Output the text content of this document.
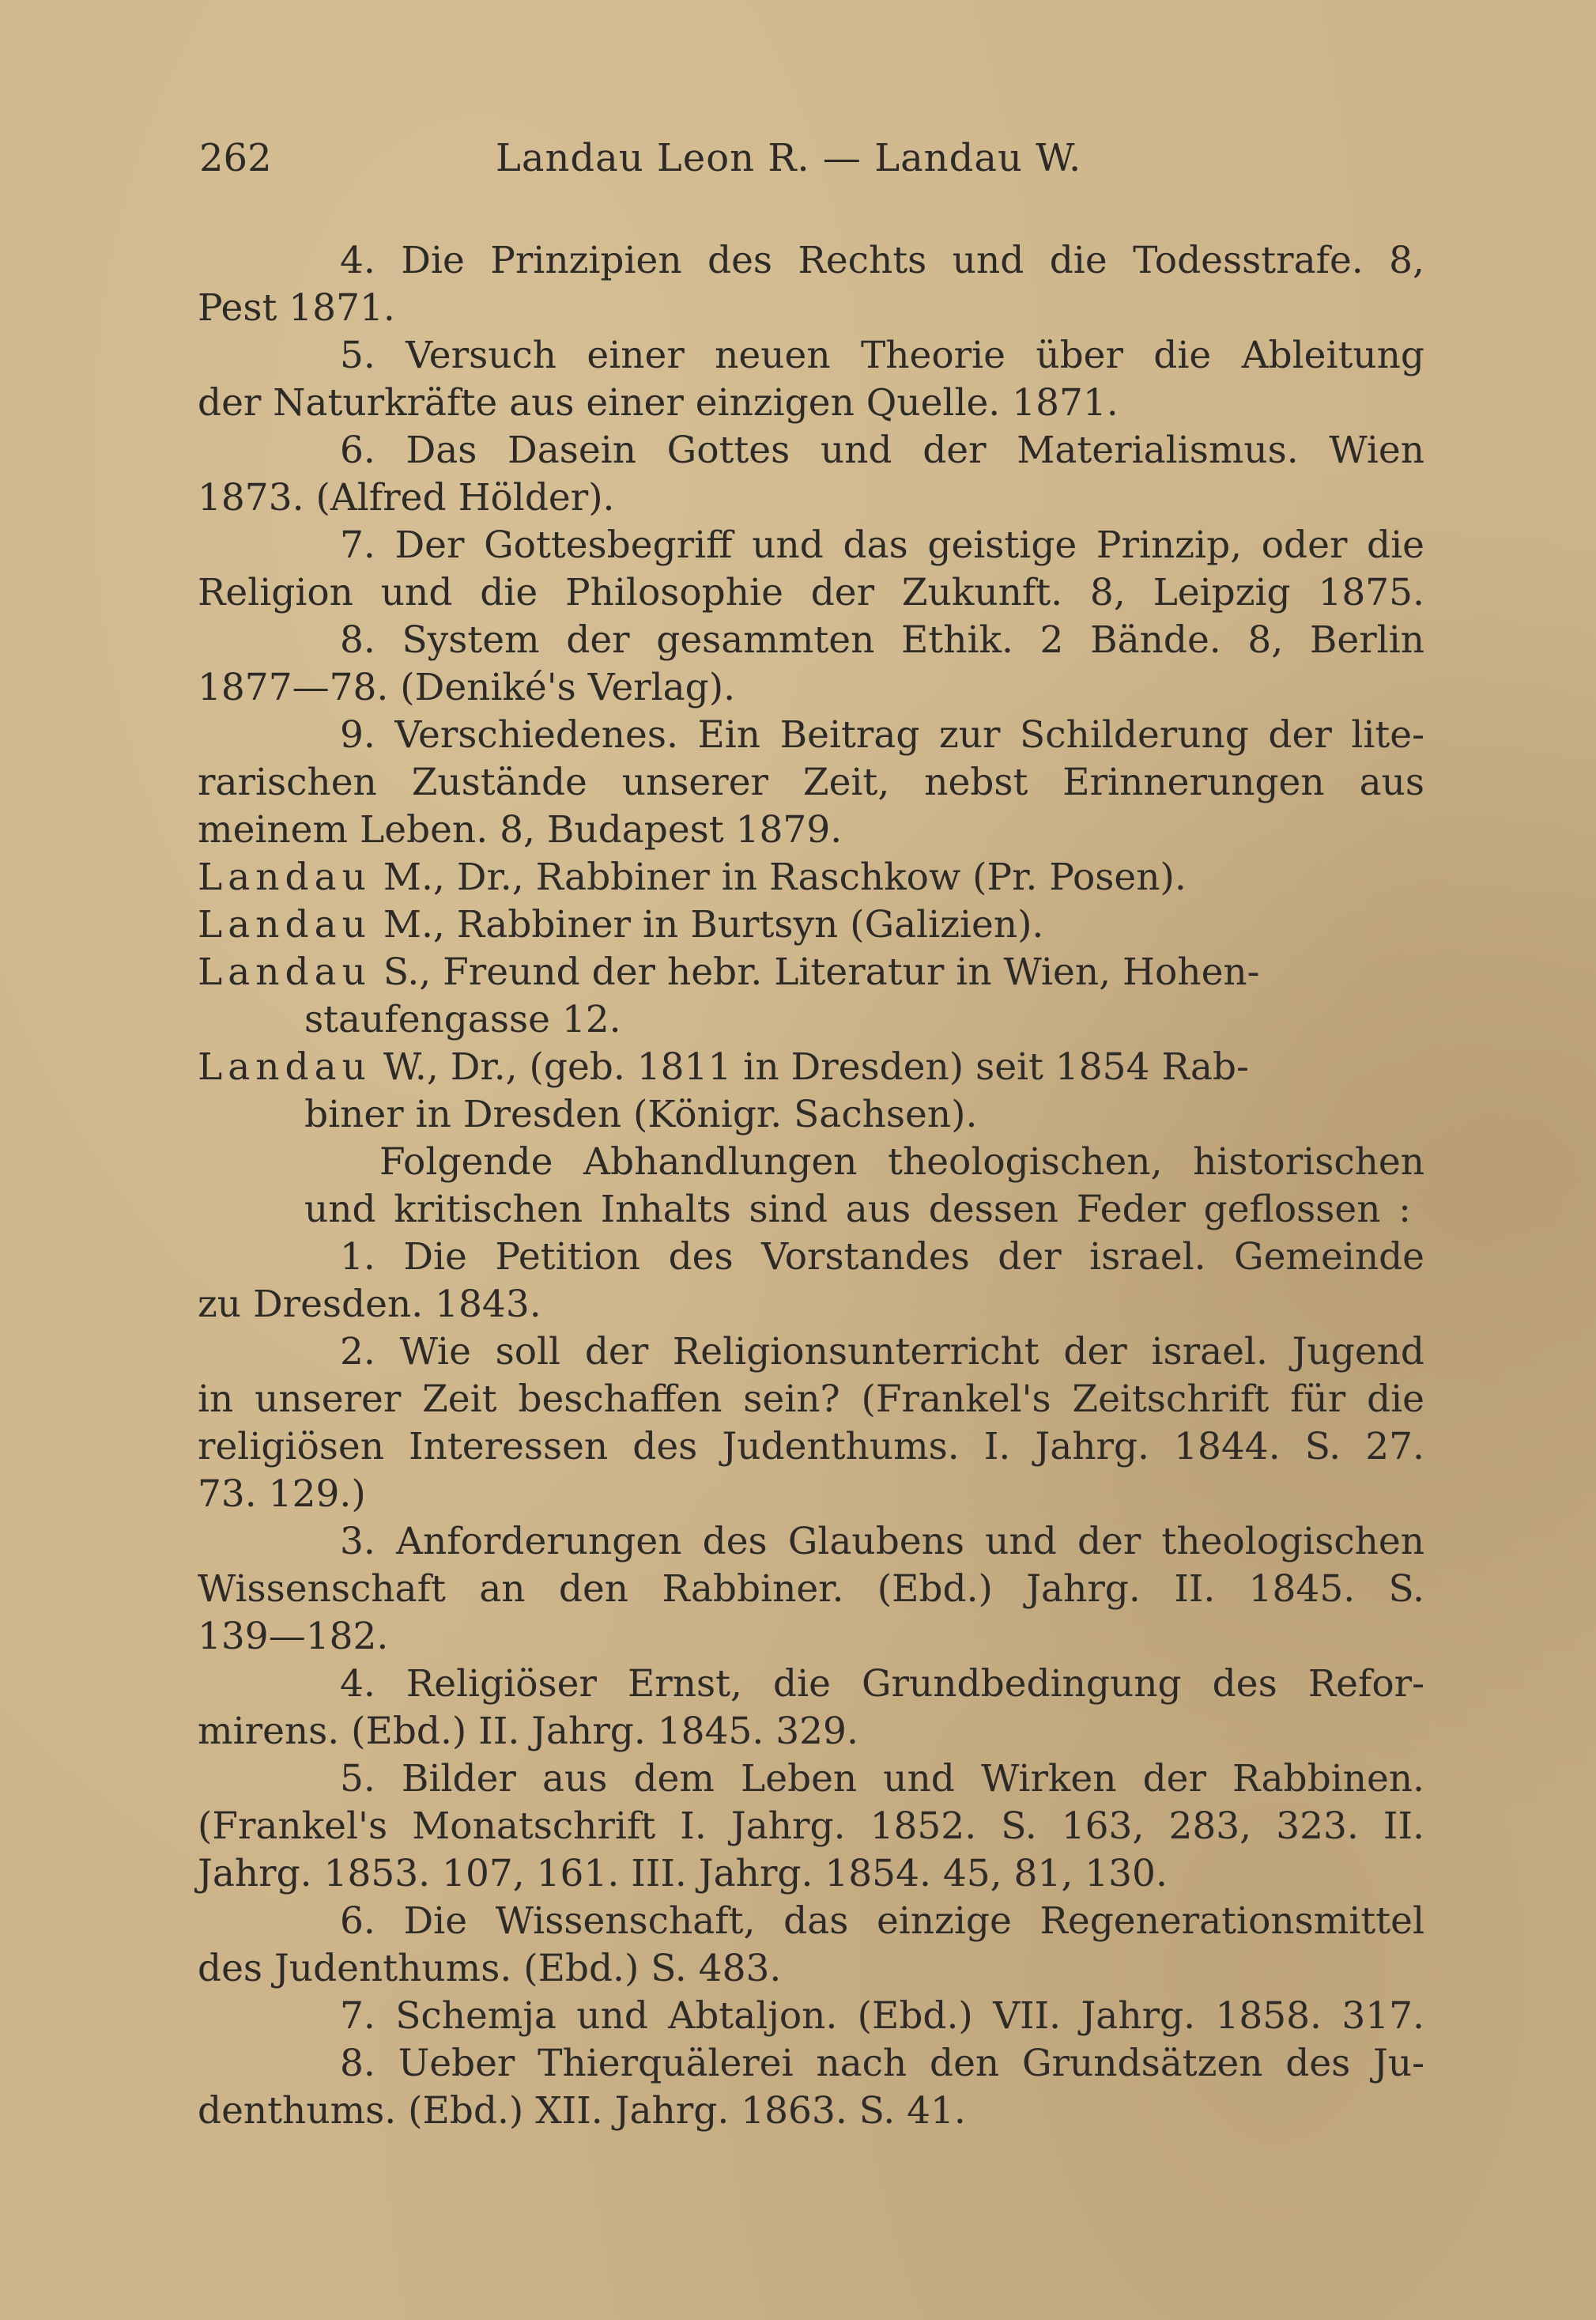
262	Landau Leon R. — Landau W.
4. Die Prinzipien des Rechts und die Todesstrafe. 8,
Pest 1871.
5. Versuch einer neuen Theorie über die Ableitung
der Naturkräfte aus einer einzigen Quelle. 1871.
6. Das Dasein Gottes und der Materialismus. Wien
1873. (Alfred Hölder).
7. Der Gottesbegriff und das geistige Prinzip, oder die
Religion und die Philosophie der Zukunft. 8, Leipzig 1875.
8. System der gesammten Ethik. 2 Bände. 8, Berlin
1877—78. (Deniké's Verlag).
9. Verschiedenes. Ein Beitrag zur Schilderung der lite-
rarischen Zustände unserer Zeit, nebst Erinnerungen aus
meinem Leben. 8, Budapest 1879.
Landau M., Dr., Rabbiner in Raschkow (Pr. Posen).
Landau M., Rabbiner in Burtsyn (Galizien).
Landau S., Freund der hebr. Literatur in Wien, Hohen-
staufengasse 12.
Landau W., Dr., (geb. 1811 in Dresden) seit 1854 Rab-
biner in Dresden (Königr. Sachsen).
Folgende Abhandlungen theologischen, historischen
und kritischen Inhalts sind aus dessen Feder geflossen :
1. Die Petition des Vorstandes der israel. Gemeinde
zu Dresden. 1843.
2. Wie soll der Religionsunterricht der israel. Jugend
in unserer Zeit beschaffen sein? (Frankel's Zeitschrift für die
religiösen Interessen des Judenthums. I. Jahrg. 1844. S. 27.
73. 129.)
3. Anforderungen des Glaubens und der theologischen
Wissenschaft an den Rabbiner. (Ebd.) Jahrg. II. 1845. S.
139—182.
4. Religiöser Ernst, die Grundbedingung des Refor-
mirens. (Ebd.) II. Jahrg. 1845. 329.
5. Bilder aus dem Leben und Wirken der Rabbinen.
(Frankel's Monatschrift I. Jahrg. 1852. S. 163, 283, 323. II.
Jahrg. 1853. 107, 161. III. Jahrg. 1854. 45, 81, 130.
6. Die Wissenschaft, das einzige Regenerationsmittel
des Judenthums. (Ebd.) S. 483.
7. Schemja und Abtaljon. (Ebd.) VII. Jahrg. 1858. 317.
8. Ueber Thierquälerei nach den Grundsätzen des Ju-
denthums. (Ebd.) XII. Jahrg. 1863. S. 41.
